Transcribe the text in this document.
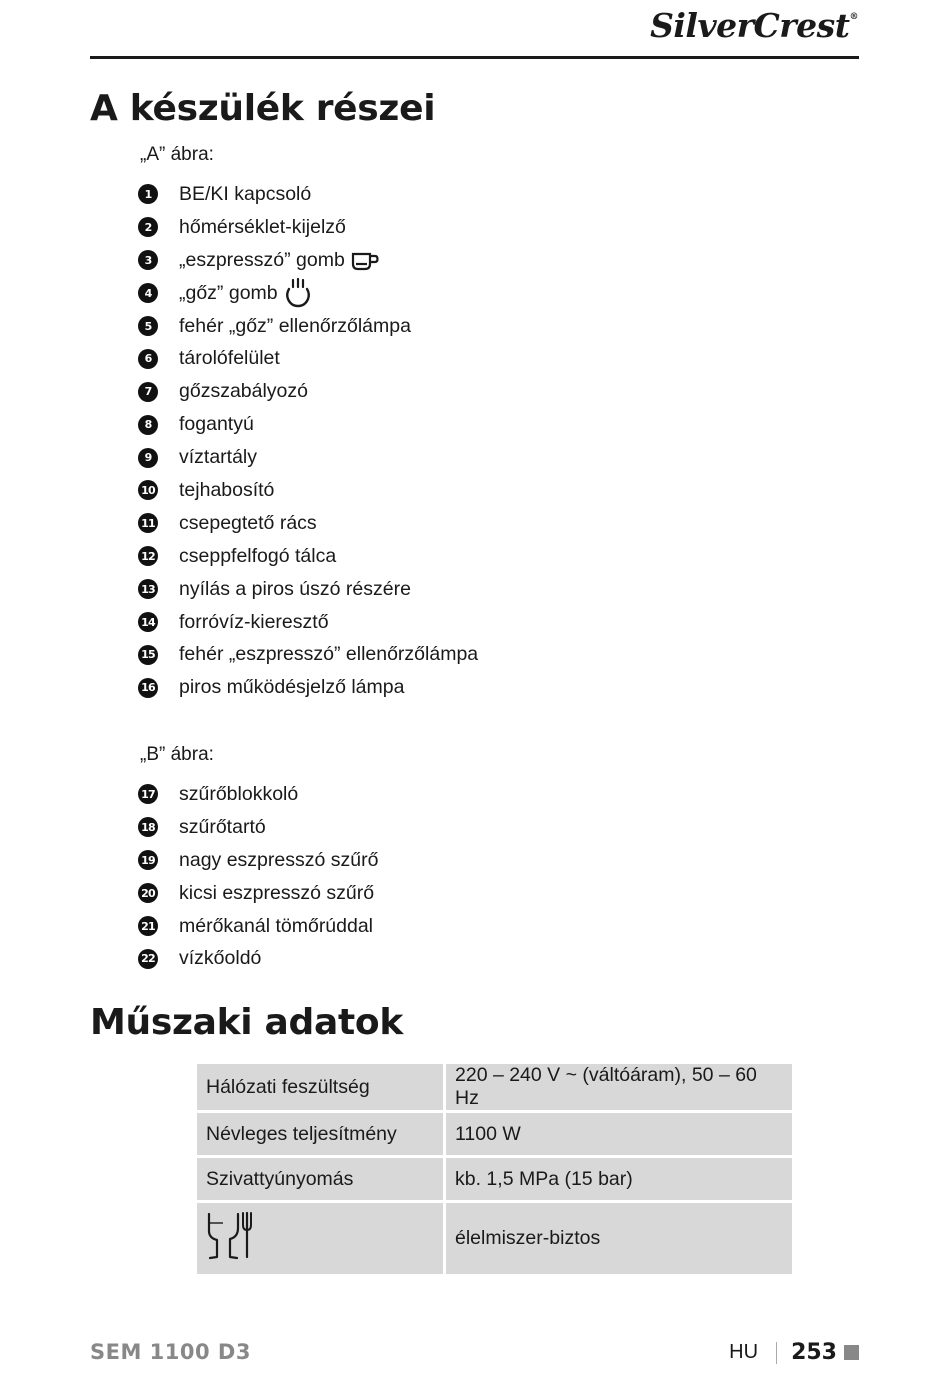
SilverCrest®
A készülék részei
„A” ábra:
1	BE/KI kapcsoló
2	hőmérséklet-kijelző
3	„eszpresszó” gomb
4	„gőz” gomb
5	fehér „gőz” ellenőrzőlámpa
6	tárolófelület
7	gőzszabályozó
8	fogantyú
9	víztartály
10 tejhabosító
11 csepegtető rács
12 cseppfelfogó tálca
13 nyílás a piros úszó részére
14 forróvíz-kieresztő
15 fehér „eszpresszó” ellenőrzőlámpa
16 piros működésjelző lámpa
„B” ábra:
17 szűrőblokkoló
18 szűrőtartó
19 nagy eszpresszó szűrő
20 kicsi eszpresszó szűrő
21 mérőkanál tömőrúddal
22 vízkőoldó
Műszaki adatok
Hálózati feszültség	220 – 240 V ~ (váltóáram), 50 – 60 Hz
Névleges teljesítmény	1100 W
Szivattyúnyomás	kb. 1,5 MPa (15 bar)
	élelmiszer-biztos
SEM 1100 D3	HU 253
